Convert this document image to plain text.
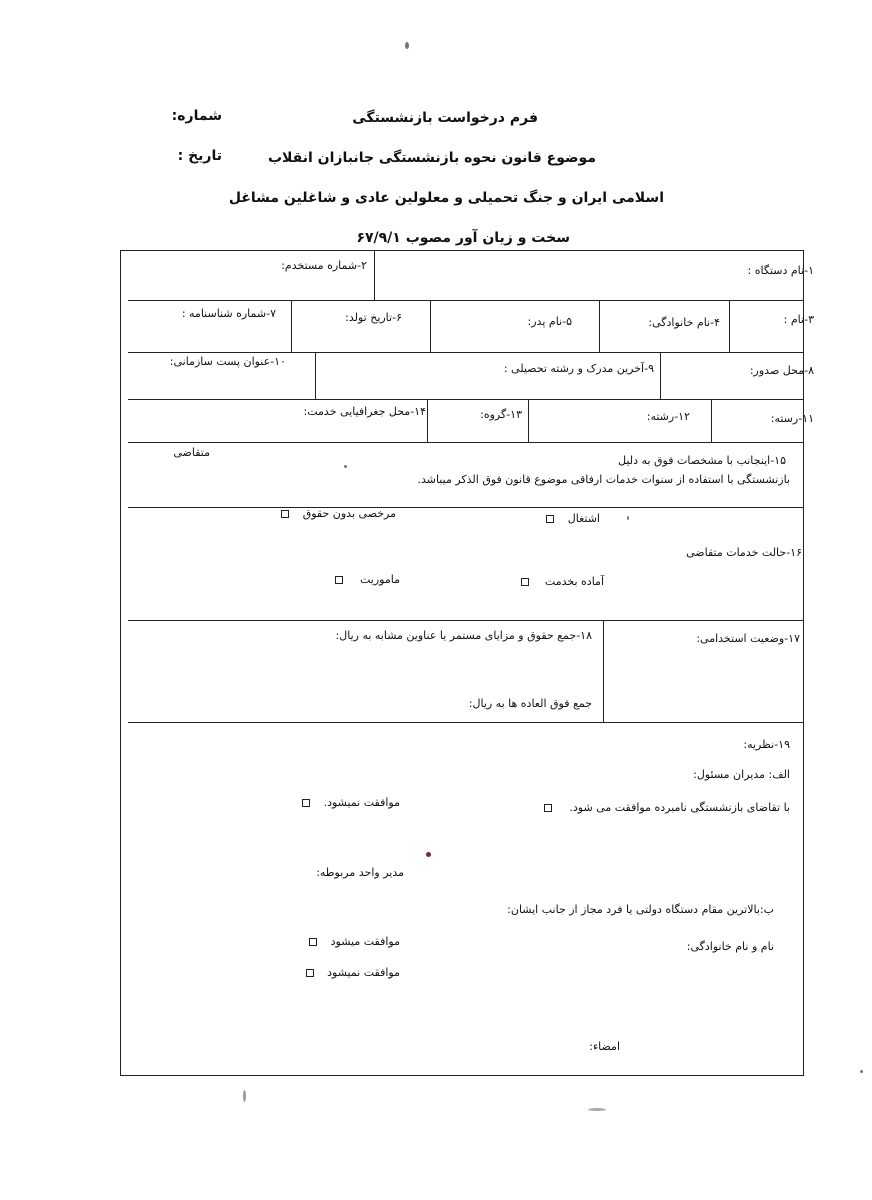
فرم درخواست بازنشستگی
شماره:
موضوع قانون نحوه بازنشستگی جانبازان انقلاب
تاریخ :
اسلامی ایران و جنگ تحمیلی و معلولین عادی و شاغلین مشاغل
سخت و زیان آور مصوب ۶۷/۹/۱
۱-نام دستگاه :
۲-شماره مستخدم:
۳-نام :
۴-نام خانوادگی:
۵-نام پدر:
۶-تاریخ تولد:
۷-شماره شناسنامه :
۸-محل صدور:
۹-آخرین مدرک و رشته تحصیلی :
۱۰-عنوان پست سازمانی:
۱۱-رسته:
۱۲-رشته:
۱۳-گروه:
۱۴-محل جغرافیایی خدمت:
۱۵-اینجانب با مشخصات فوق به دلیل
بازنشستگی با استفاده از سنوات خدمات ارفاقی موضوع قانون فوق الذکر میباشد.
متقاضی
اشتغال
مرخصی بدون حقوق
۱۶-حالت خدمات متقاضی
آماده بخدمت
ماموریت
۱۷-وضعیت استخدامی:
۱۸-جمع حقوق و مزایای مستمر یا عناوین مشابه به ریال:
جمع فوق العاده ها به ریال:
۱۹-نظریه:
الف: مدیران مسئول:
با تقاضای بازنشستگی نامبرده موافقت می شود.
موافقت نمیشود.
مدیر واحد مربوطه:
ب:بالاترین مقام دستگاه دولتی یا فرد مجاز از جانب ایشان:
نام و نام خانوادگی:
موافقت میشود
موافقت نمیشود
امضاء:
